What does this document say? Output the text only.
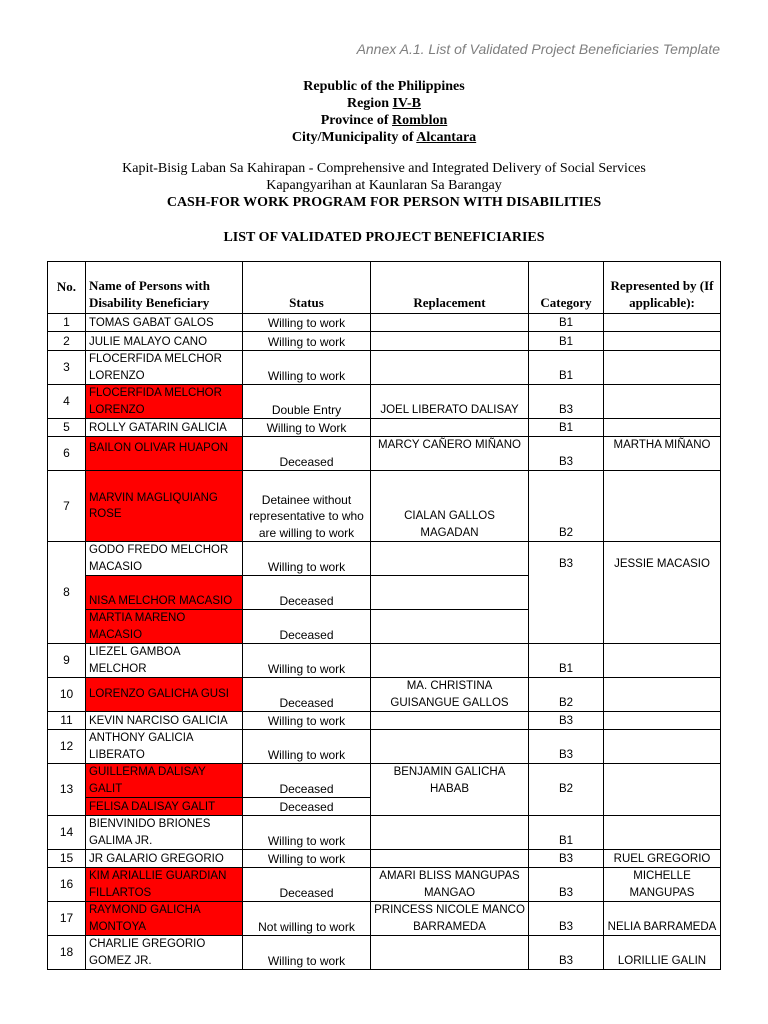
Annex A.1. List of Validated Project Beneficiaries Template
Republic of the Philippines
Region IV-B
Province of Romblon
City/Municipality of Alcantara
Kapit-Bisig Laban Sa Kahirapan - Comprehensive and Integrated Delivery of Social Services
Kapangyarihan at Kaunlaran Sa Barangay
CASH-FOR WORK PROGRAM FOR PERSON WITH DISABILITIES
LIST OF VALIDATED PROJECT BENEFICIARIES
No.	Name of Persons with Disability Beneficiary	Status	Replacement	Category	Represented by (If applicable):
1	TOMAS GABAT GALOS	Willing to work		B1	
2	JULIE MALAYO CANO	Willing to work		B1	
3	FLOCERFIDA MELCHOR LORENZO	Willing to work		B1	
4	FLOCERFIDA MELCHOR LORENZO	Double Entry	JOEL LIBERATO DALISAY	B3	
5	ROLLY GATARIN GALICIA	Willing to Work		B1	
6	BAILON OLIVAR HUAPON	Deceased	MARCY CAÑERO MIÑANO	B3	MARTHA MIÑANO
7	MARVIN MAGLIQUIANG ROSE	Detainee without representative to who are willing to work	CIALAN GALLOS MAGADAN	B2	
8	GODO FREDO MELCHOR MACASIO	Willing to work		B3	JESSIE MACASIO
	NISA MELCHOR MACASIO	Deceased			
	MARTIA MARENO MACASIO	Deceased			
9	LIEZEL GAMBOA MELCHOR	Willing to work		B1	
10	LORENZO GALICHA GUSI	Deceased	MA. CHRISTINA GUISANGUE GALLOS	B2	
11	KEVIN NARCISO GALICIA	Willing to work		B3	
12	ANTHONY GALICIA LIBERATO	Willing to work		B3	
13	GUILLERMA DALISAY GALIT	Deceased	BENJAMIN GALICHA HABAB	B2	
	FELISA DALISAY GALIT	Deceased			
14	BIENVINIDO BRIONES GALIMA JR.	Willing to work		B1	
15	JR GALARIO GREGORIO	Willing to work		B3	RUEL GREGORIO
16	KIM ARIALLIE GUARDIAN FILLARTOS	Deceased	AMARI BLISS MANGUPAS MANGAO	B3	MICHELLE MANGUPAS
17	RAYMOND GALICHA MONTOYA	Not willing to work	PRINCESS NICOLE MANCO BARRAMEDA	B3	NELIA BARRAMEDA
18	CHARLIE GREGORIO GOMEZ JR.	Willing to work		B3	LORILLIE GALIN
